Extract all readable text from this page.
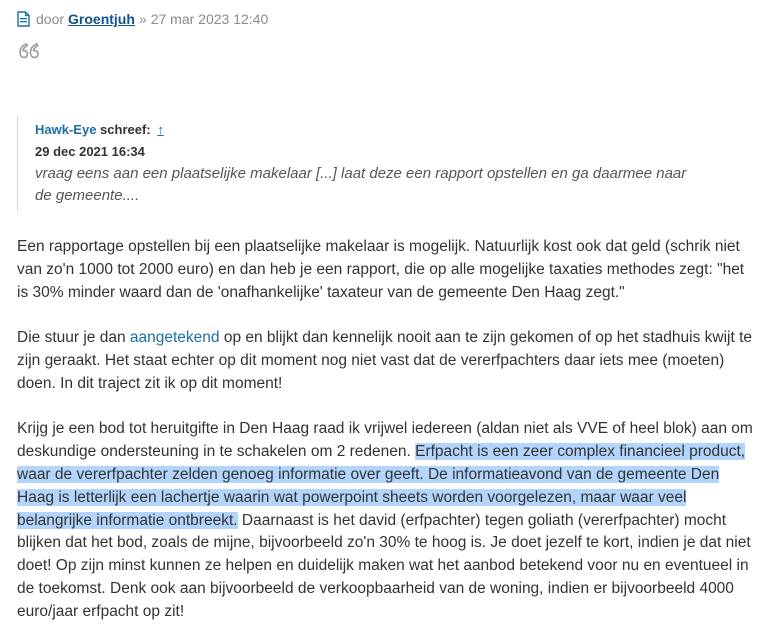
door Groentjuh » 27 mar 2023 12:40
Hawk-Eye schreef: ↑
29 dec 2021 16:34
vraag eens aan een plaatselijke makelaar [...] laat deze een rapport opstellen en ga daarmee naar de gemeente....

Een rapportage opstellen bij een plaatselijke makelaar is mogelijk. Natuurlijk kost ook dat geld (schrik niet van zo'n 1000 tot 2000 euro) en dan heb je een rapport, die op alle mogelijke taxaties methodes zegt: "het is 30% minder waard dan de 'onafhankelijke' taxateur van de gemeente Den Haag zegt."

Die stuur je dan aangetekend op en blijkt dan kennelijk nooit aan te zijn gekomen of op het stadhuis kwijt te zijn geraakt. Het staat echter op dit moment nog niet vast dat de vererfpachters daar iets mee (moeten) doen. In dit traject zit ik op dit moment!

Krijg je een bod tot heruitgifte in Den Haag raad ik vrijwel iedereen (aldan niet als VVE of heel blok) aan om deskundige ondersteuning in te schakelen om 2 redenen. Erfpacht is een zeer complex financieel product, waar de vererfpachter zelden genoeg informatie over geeft. De informatieavond van de gemeente Den Haag is letterlijk een lachertje waarin wat powerpoint sheets worden voorgelezen, maar waar veel belangrijke informatie ontbreekt. Daarnaast is het david (erfpachter) tegen goliath (vererfpachter) mocht blijken dat het bod, zoals de mijne, bijvoorbeeld zo'n 30% te hoog is. Je doet jezelf te kort, indien je dat niet doet! Op zijn minst kunnen ze helpen en duidelijk maken wat het aanbod betekend voor nu en eventueel in de toekomst. Denk ook aan bijvoorbeeld de verkoopbaarheid van de woning, indien er bijvoorbeeld 4000 euro/jaar erfpacht op zit!
